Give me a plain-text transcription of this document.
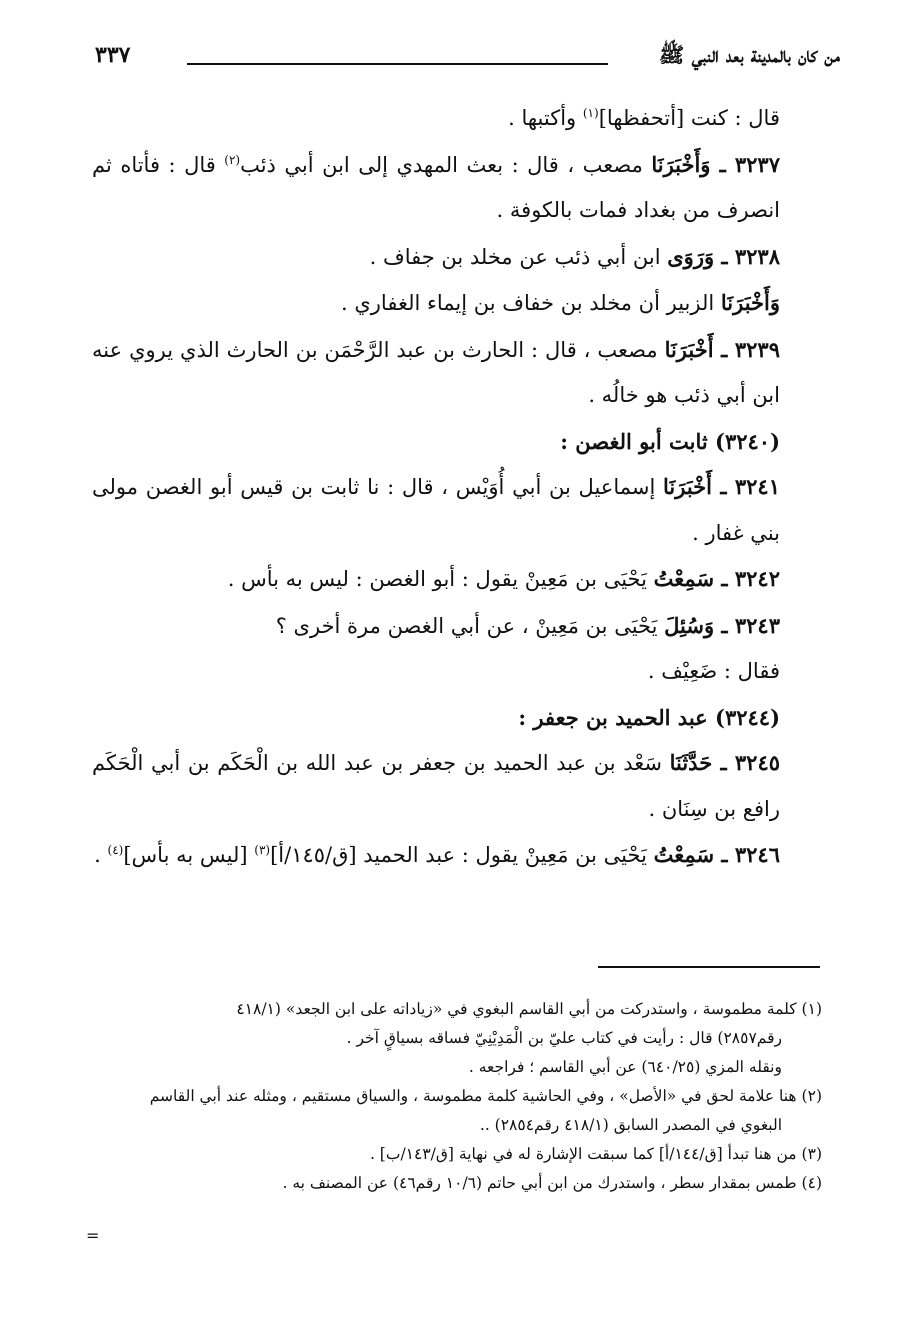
من كان بالمدينة بعد النبي ﷺ
٣٣٧

قال : كنت [أتحفظها]$^{(١)}$ وأكتبها .

٣٢٣٧ ـ وَأَخْبَرَنَا مصعب ، قال : بعث المهدي إلى ابن أبي ذئب$^{(٢)}$ قال : فأتاه ثم انصرف من بغداد فمات بالكوفة .

٣٢٣٨ ـ وَرَوَى ابن أبي ذئب عن مخلد بن جفاف .

وَأَخْبَرَنَا الزبير أن مخلد بن خفاف بن إيماء الغفاري .

٣٢٣٩ ـ أَخْبَرَنَا مصعب ، قال : الحارث بن عبد الرَّحْمَن بن الحارث الذي يروي عنه ابن أبي ذئب هو خالُه .

(٣٢٤٠) ثابت أبو الغصن :

٣٢٤١ ـ أَخْبَرَنَا إسماعيل بن أبي أُوَيْس ، قال : نا ثابت بن قيس أبو الغصن مولى بني غفار .

٣٢٤٢ ـ سَمِعْتُ يَحْيَى بن مَعِينْ يقول : أبو الغصن : ليس به بأس .

٣٢٤٣ ـ وَسُئِلَ يَحْيَى بن مَعِينْ ، عن أبي الغصن مرة أخرى ؟

فقال : ضَعِيْف .

(٣٢٤٤) عبد الحميد بن جعفر :

٣٢٤٥ ـ حَدَّثَنَا سَعْد بن عبد الحميد بن جعفر بن عبد الله بن الْحَكَم بن أبي الْحَكَم رافع بن سِنَان .

٣٢٤٦ ـ سَمِعْتُ يَحْيَى بن مَعِينْ يقول : عبد الحميد [ق/١٤٥/أ]$^{(٣)}$ [ليس به بأس]$^{(٤)}$ .

(١) كلمة مطموسة ، واستدركت من أبي القاسم البغوي في «زياداته على ابن الجعد» (٤١٨/١

رقم٢٨٥٧) قال : رأيت في كتاب عليّ بن الْمَدِيْنِيّ فساقه بسياقٍ آخر .

ونقله المزي (٦٤٠/٢٥) عن أبي القاسم ؛ فراجعه .

(٢) هنا علامة لحق في «الأصل» ، وفي الحاشية كلمة مطموسة ، والسياق مستقيم ، ومثله عند أبي القاسم

البغوي في المصدر السابق (٤١٨/١ رقم٢٨٥٤) ..

(٣) من هنا تبدأ [ق/١٤٤/أ] كما سبقت الإشارة له في نهاية [ق/١٤٣/ب] .

(٤) طمس بمقدار سطر ، واستدرك من ابن أبي حاتم (١٠/٦ رقم٤٦) عن المصنف به .

=
